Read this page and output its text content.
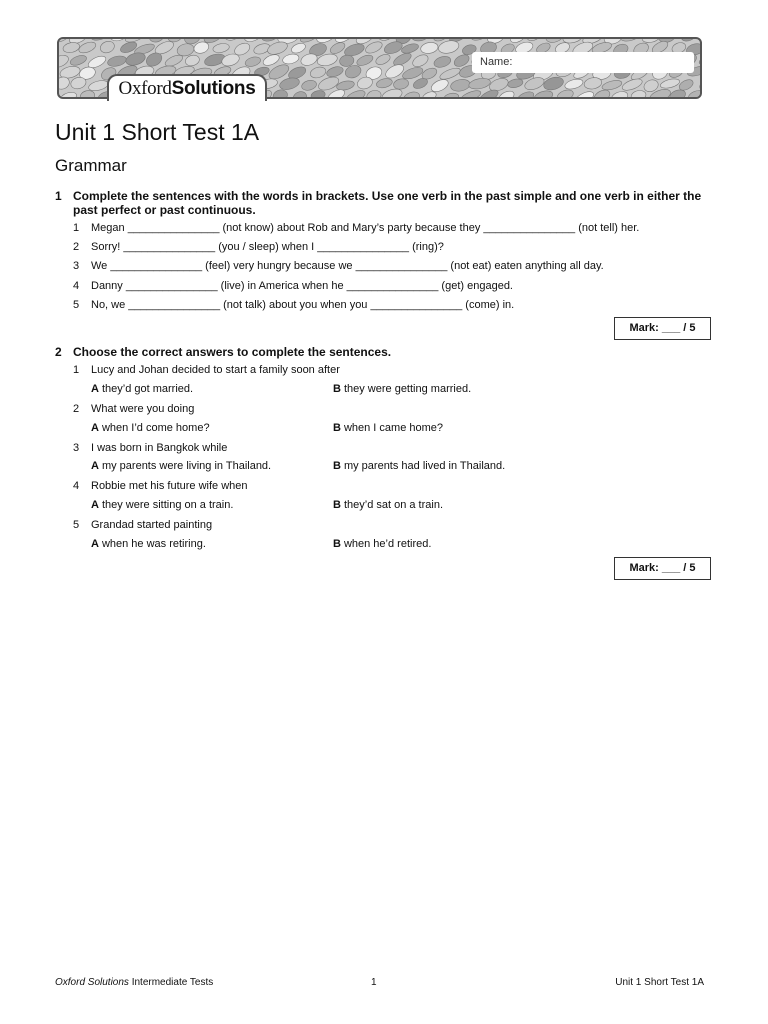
Name:
OxfordSolutions
Unit 1 Short Test 1A
Grammar
1 Complete the sentences with the words in brackets. Use one verb in the past simple and one verb in either the past perfect or past continuous.
1 Megan _______________ (not know) about Rob and Mary’s party because they _______________ (not tell) her.
2 Sorry! _______________ (you / sleep) when I _______________ (ring)?
3 We _______________ (feel) very hungry because we _______________ (not eat) eaten anything all day.
4 Danny _______________ (live) in America when he _______________ (get) engaged.
5 No, we _______________ (not talk) about you when you _______________ (come) in.
Mark: ___ / 5
2 Choose the correct answers to complete the sentences.
1 Lucy and Johan decided to start a family soon after
A they’d got married.	B they were getting married.
2 What were you doing
A when I’d come home?	B when I came home?
3 I was born in Bangkok while
A my parents were living in Thailand.	B my parents had lived in Thailand.
4 Robbie met his future wife when
A they were sitting on a train.	B they’d sat on a train.
5 Grandad started painting
A when he was retiring.	B when he’d retired.
Mark: ___ / 5
Oxford Solutions Intermediate Tests	1	Unit 1 Short Test 1A
